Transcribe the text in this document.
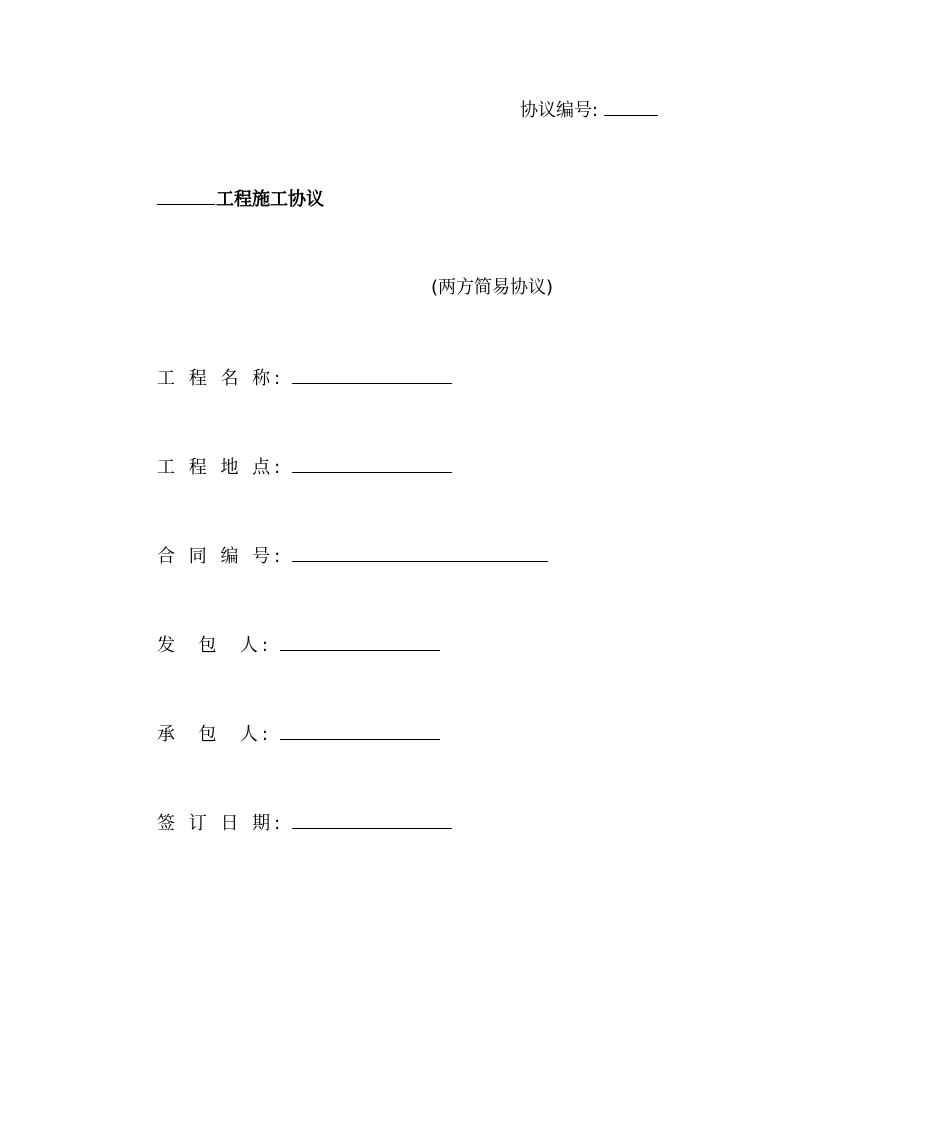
协议编号:
工程施工协议
(两方简易协议)
工 程 名 称:
工 程 地 点:
合 同 编 号:
发  包  人:
承  包  人:
签 订 日 期:
